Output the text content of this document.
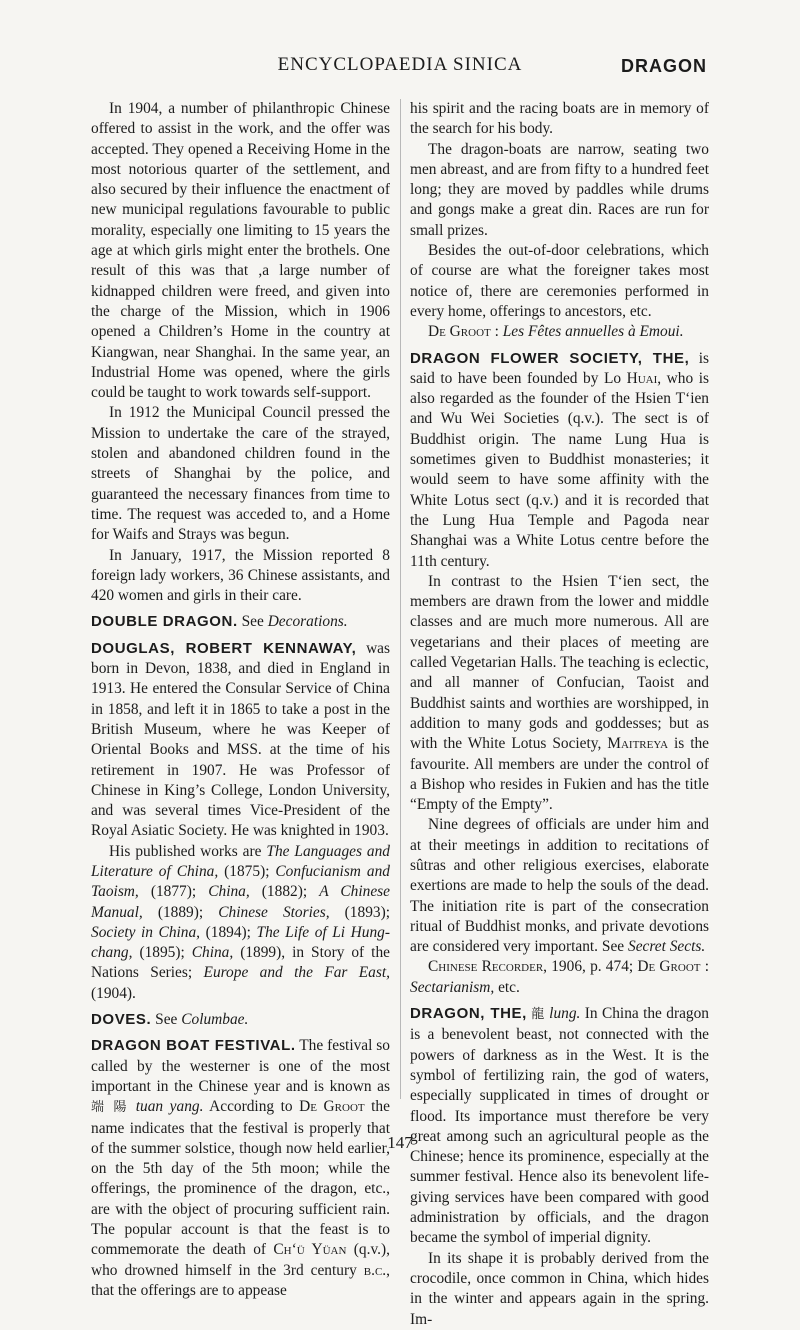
ENCYCLOPAEDIA SINICA	DRAGON

In 1904, a number of philanthropic Chinese offered to assist in the work, and the offer was accepted. They opened a Receiving Home in the most notorious quarter of the settlement, and also secured by their influence the enactment of new municipal regulations favourable to public morality, especially one limiting to 15 years the age at which girls might enter the brothels. One result of this was that ,a large number of kidnapped children were freed, and given into the charge of the Mission, which in 1906 opened a Children’s Home in the country at Kiangwan, near Shanghai. In the same year, an Industrial Home was opened, where the girls could be taught to work towards self-support.

In 1912 the Municipal Council pressed the Mission to undertake the care of the strayed, stolen and abandoned children found in the streets of Shanghai by the police, and guaranteed the necessary finances from time to time. The request was acceded to, and a Home for Waifs and Strays was begun.

In January, 1917, the Mission reported 8 foreign lady workers, 36 Chinese assistants, and 420 women and girls in their care.

DOUBLE DRAGON. See Decorations.

DOUGLAS, ROBERT KENNAWAY, was born in Devon, 1838, and died in England in 1913. He entered the Consular Service of China in 1858, and left it in 1865 to take a post in the British Museum, where he was Keeper of Oriental Books and MSS. at the time of his retirement in 1907. He was Professor of Chinese in King’s College, London University, and was several times Vice-President of the Royal Asiatic Society. He was knighted in 1903.

His published works are The Languages and Literature of China, (1875); Confucianism and Taoism, (1877); China, (1882); A Chinese Manual, (1889); Chinese Stories, (1893); Society in China, (1894); The Life of Li Hung-chang, (1895); China, (1899), in Story of the Nations Series; Europe and the Far East, (1904).

DOVES. See Columbae.

DRAGON BOAT FESTIVAL. The festival so called by the westerner is one of the most important in the Chinese year and is known as 端 陽 tuan yang. According to De Groot the name indicates that the festival is properly that of the summer solstice, though now held earlier, on the 5th day of the 5th moon; while the offerings, the prominence of the dragon, etc., are with the object of procuring sufficient rain. The popular account is that the feast is to commemorate the death of Ch‘ü Yüan (q.v.), who drowned himself in the 3rd century b.c., that the offerings are to appease

his spirit and the racing boats are in memory of the search for his body.

The dragon-boats are narrow, seating two men abreast, and are from fifty to a hundred feet long; they are moved by paddles while drums and gongs make a great din. Races are run for small prizes.

Besides the out-of-door celebrations, which of course are what the foreigner takes most notice of, there are ceremonies performed in every home, offerings to ancestors, etc.

De Groot : Les Fêtes annuelles à Emoui.

DRAGON FLOWER SOCIETY, THE, is said to have been founded by Lo Huai, who is also regarded as the founder of the Hsien T‘ien and Wu Wei Societies (q.v.). The sect is of Buddhist origin. The name Lung Hua is sometimes given to Buddhist monasteries; it would seem to have some affinity with the White Lotus sect (q.v.) and it is recorded that the Lung Hua Temple and Pagoda near Shanghai was a White Lotus centre before the 11th century.

In contrast to the Hsien T‘ien sect, the members are drawn from the lower and middle classes and are much more numerous. All are vegetarians and their places of meeting are called Vegetarian Halls. The teaching is eclectic, and all manner of Confucian, Taoist and Buddhist saints and worthies are worshipped, in addition to many gods and goddesses; but as with the White Lotus Society, Maitreya is the favourite. All members are under the control of a Bishop who resides in Fukien and has the title “Empty of the Empty”.

Nine degrees of officials are under him and at their meetings in addition to recitations of sûtras and other religious exercises, elaborate exertions are made to help the souls of the dead. The initiation rite is part of the consecration ritual of Buddhist monks, and private devotions are considered very important. See Secret Sects.

Chinese Recorder, 1906, p. 474; De Groot : Sectarianism, etc.

DRAGON, THE, 龍 lung. In China the dragon is a benevolent beast, not connected with the powers of darkness as in the West. It is the symbol of fertilizing rain, the god of waters, especially supplicated in times of drought or flood. Its importance must therefore be very great among such an agricultural people as the Chinese; hence its prominence, especially at the summer festival. Hence also its benevolent life-giving services have been compared with good administration by officials, and the dragon became the symbol of imperial dignity.

In its shape it is probably derived from the crocodile, once common in China, which hides in the winter and appears again in the spring. Im-

147
